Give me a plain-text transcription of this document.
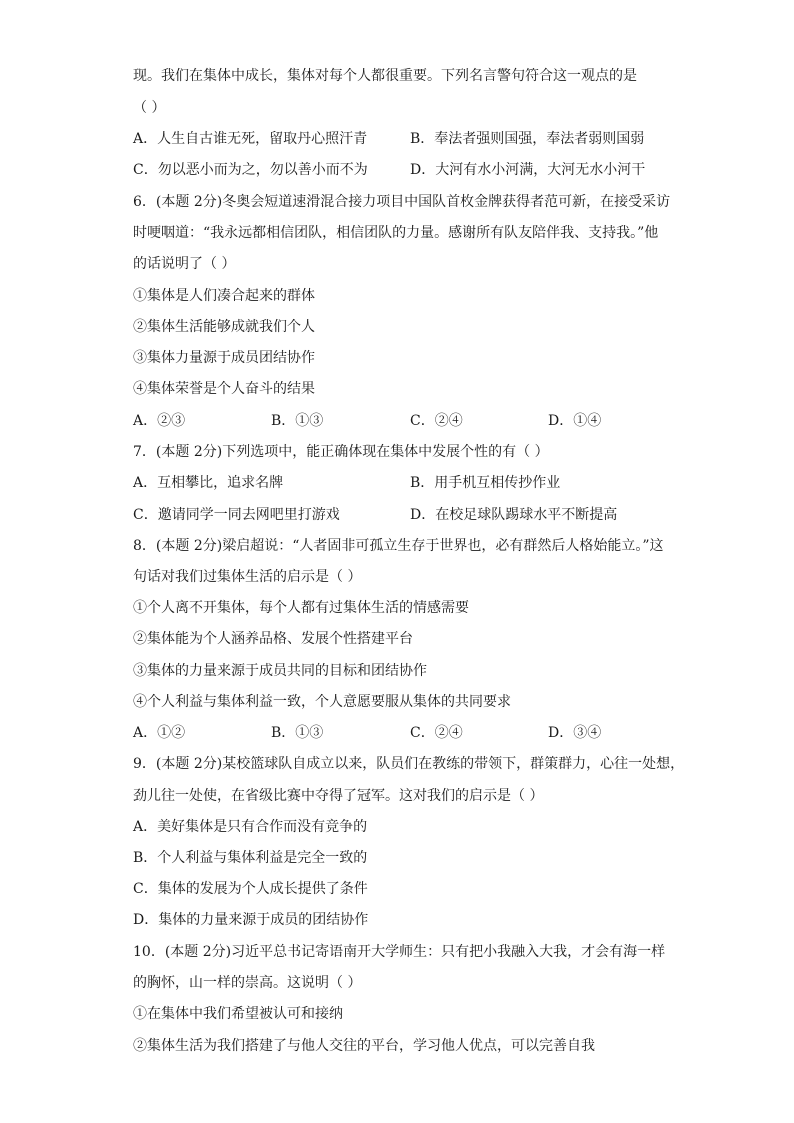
现。我们在集体中成长，集体对每个人都很重要。下列名言警句符合这一观点的是
（ ）
A．人生自古谁无死，留取丹心照汗青	B．奉法者强则国强，奉法者弱则国弱
C．勿以恶小而为之，勿以善小而不为	D．大河有水小河满，大河无水小河干
6．(本题 2分)冬奥会短道速滑混合接力项目中国队首枚金牌获得者范可新，在接受采访
时哽咽道：“我永远都相信团队，相信团队的力量。感谢所有队友陪伴我、支持我。”他
的话说明了（ ）
①集体是人们凑合起来的群体
②集体生活能够成就我们个人
③集体力量源于成员团结协作
④集体荣誉是个人奋斗的结果
A．②③	B．①③	C．②④	D．①④
7．(本题 2分)下列选项中，能正确体现在集体中发展个性的有（ ）
A．互相攀比，追求名牌	B．用手机互相传抄作业
C．邀请同学一同去网吧里打游戏	D．在校足球队踢球水平不断提高
8．(本题 2分)梁启超说：“人者固非可孤立生存于世界也，必有群然后人格始能立。”这
句话对我们过集体生活的启示是（ ）
①个人离不开集体，每个人都有过集体生活的情感需要
②集体能为个人涵养品格、发展个性搭建平台
③集体的力量来源于成员共同的目标和团结协作
④个人利益与集体利益一致，个人意愿要服从集体的共同要求
A．①②	B．①③	C．②④	D．③④
9．(本题 2分)某校篮球队自成立以来，队员们在教练的带领下，群策群力，心往一处想，
劲儿往一处使，在省级比赛中夺得了冠军。这对我们的启示是（ ）
A．美好集体是只有合作而没有竞争的
B．个人利益与集体利益是完全一致的
C．集体的发展为个人成长提供了条件
D．集体的力量来源于成员的团结协作
10．(本题 2分)习近平总书记寄语南开大学师生：只有把小我融入大我，才会有海一样
的胸怀，山一样的崇高。这说明（ ）
①在集体中我们希望被认可和接纳
②集体生活为我们搭建了与他人交往的平台，学习他人优点，可以完善自我
